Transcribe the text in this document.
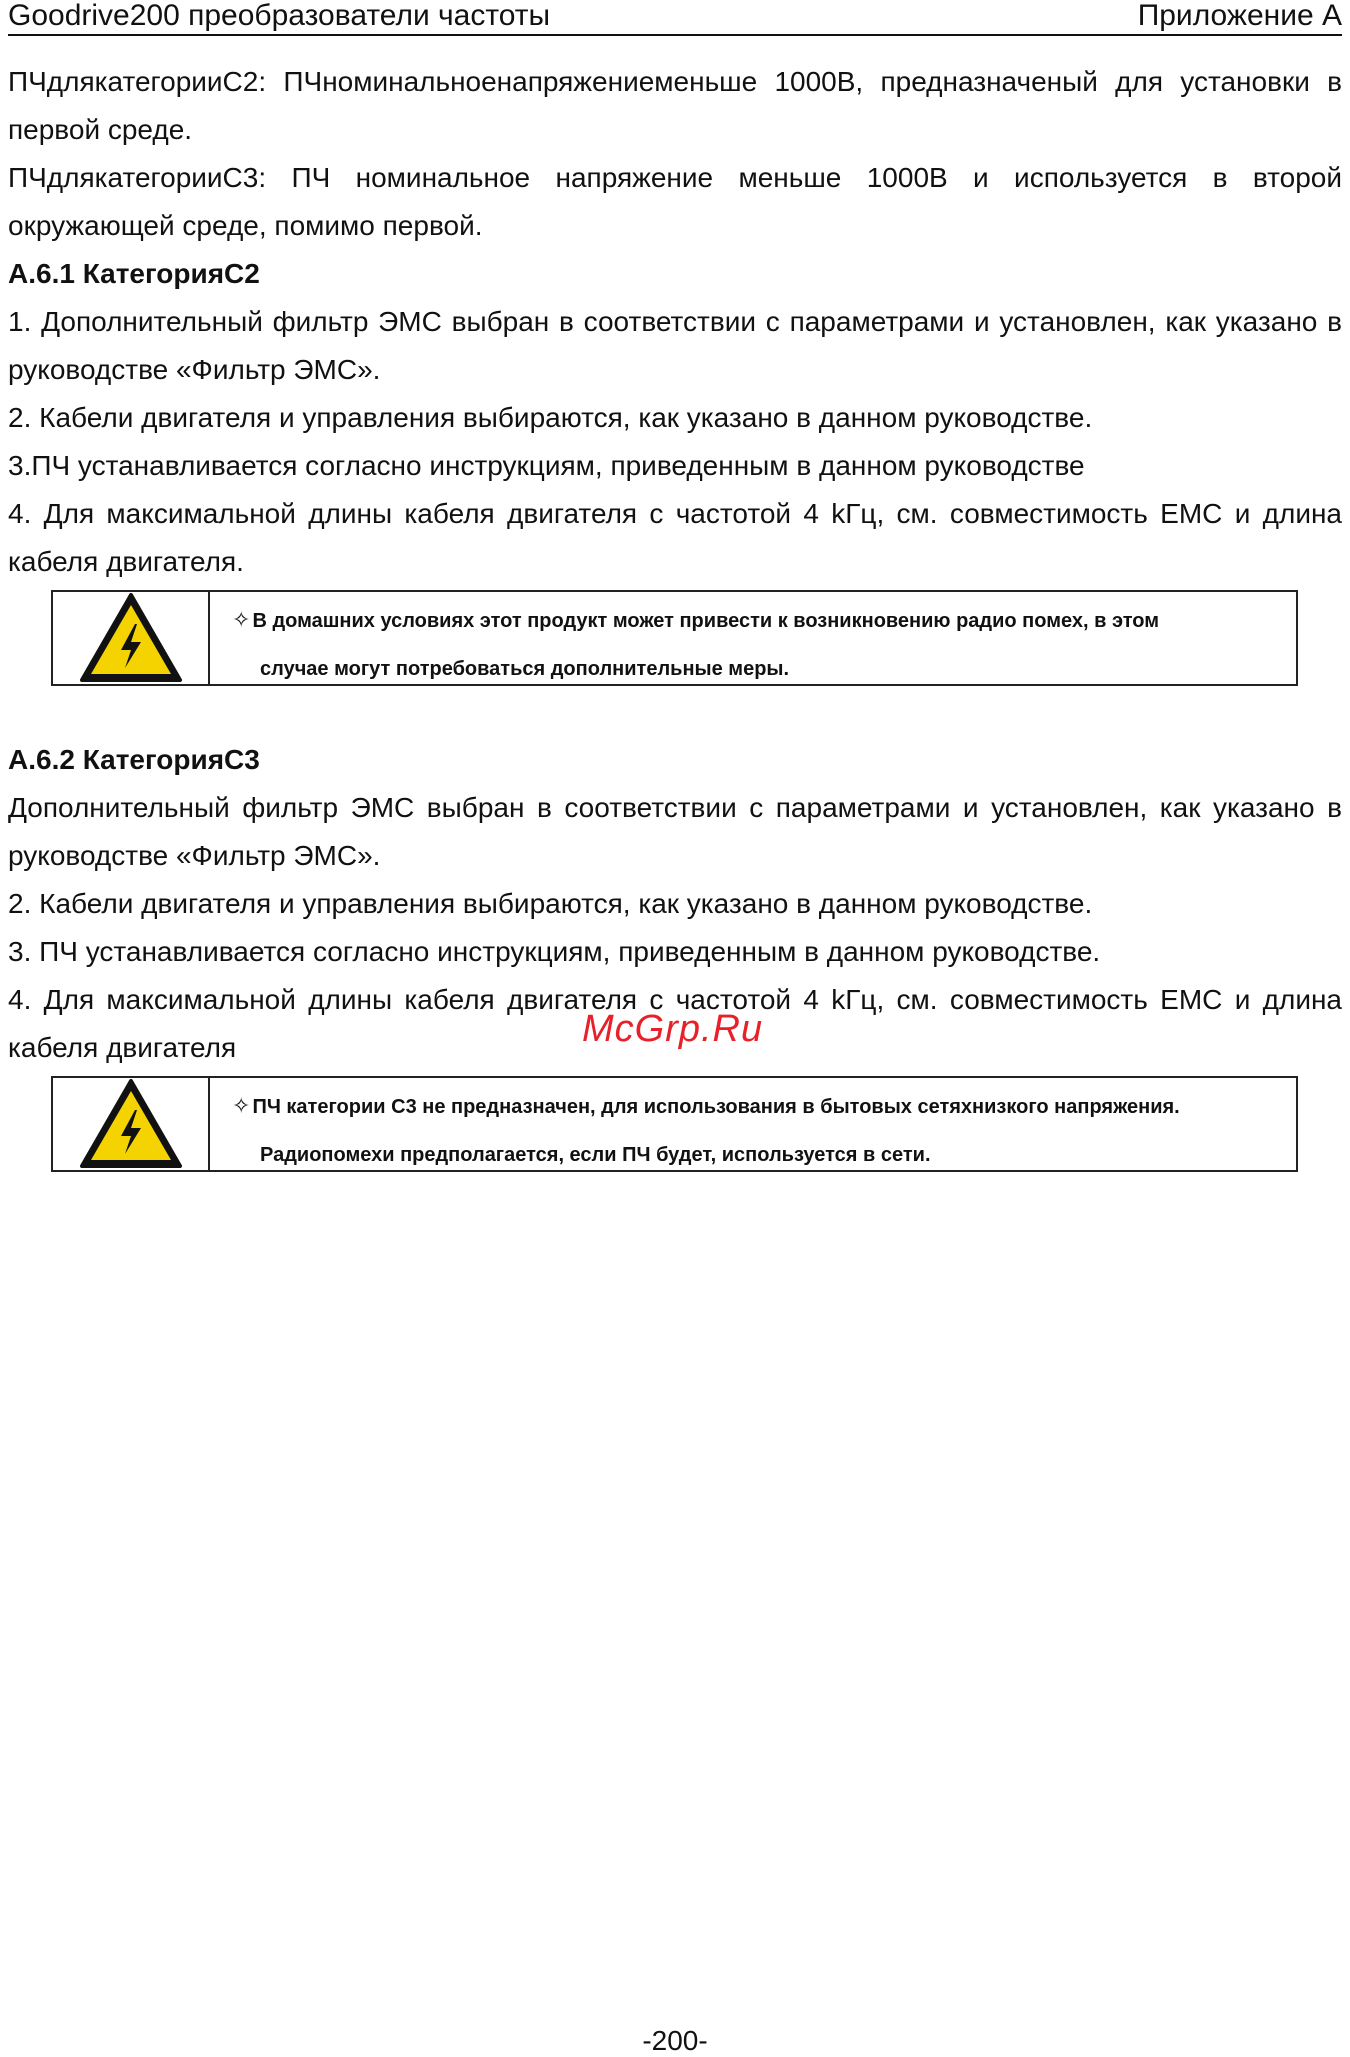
Goodrive200 преобразователи частоты	Приложение А

ПЧдлякатегорииС2: ПЧноминальноенапряжениеменьше 1000В, предназначеный для установки в первой среде.

ПЧдлякатегорииС3: ПЧ номинальное напряжение меньше 1000В и используется в второй окружающей среде, помимо первой.

A.6.1 КатегорияC2

1. Дополнительный фильтр ЭМС выбран в соответствии с параметрами и установлен, как указано в руководстве «Фильтр ЭМС».

2. Кабели двигателя и управления выбираются, как указано в данном руководстве.

3.ПЧ устанавливается согласно инструкциям, приведенным в данном руководстве

4. Для максимальной длины кабеля двигателя с частотой 4 kГц, см. совместимость ЕМС и длина кабеля двигателя.

✧ В домашних условиях этот продукт может привести к возникновению радио помех, в этом
случае могут потребоваться дополнительные меры.

A.6.2 КатегорияC3

Дополнительный фильтр ЭМС выбран в соответствии с параметрами и установлен, как указано в руководстве «Фильтр ЭМС».

2. Кабели двигателя и управления выбираются, как указано в данном руководстве.

3. ПЧ устанавливается согласно инструкциям, приведенным в данном руководстве.

4. Для максимальной длины кабеля двигателя с частотой 4 kГц, см. совместимость ЕМС и длина кабеля двигателя

✧ ПЧ категории С3 не предназначен, для использования в бытовых сетяхнизкого напряжения.
Радиопомехи предполагается, если ПЧ будет, используется в сети.
McGrp.Ru
-200-
